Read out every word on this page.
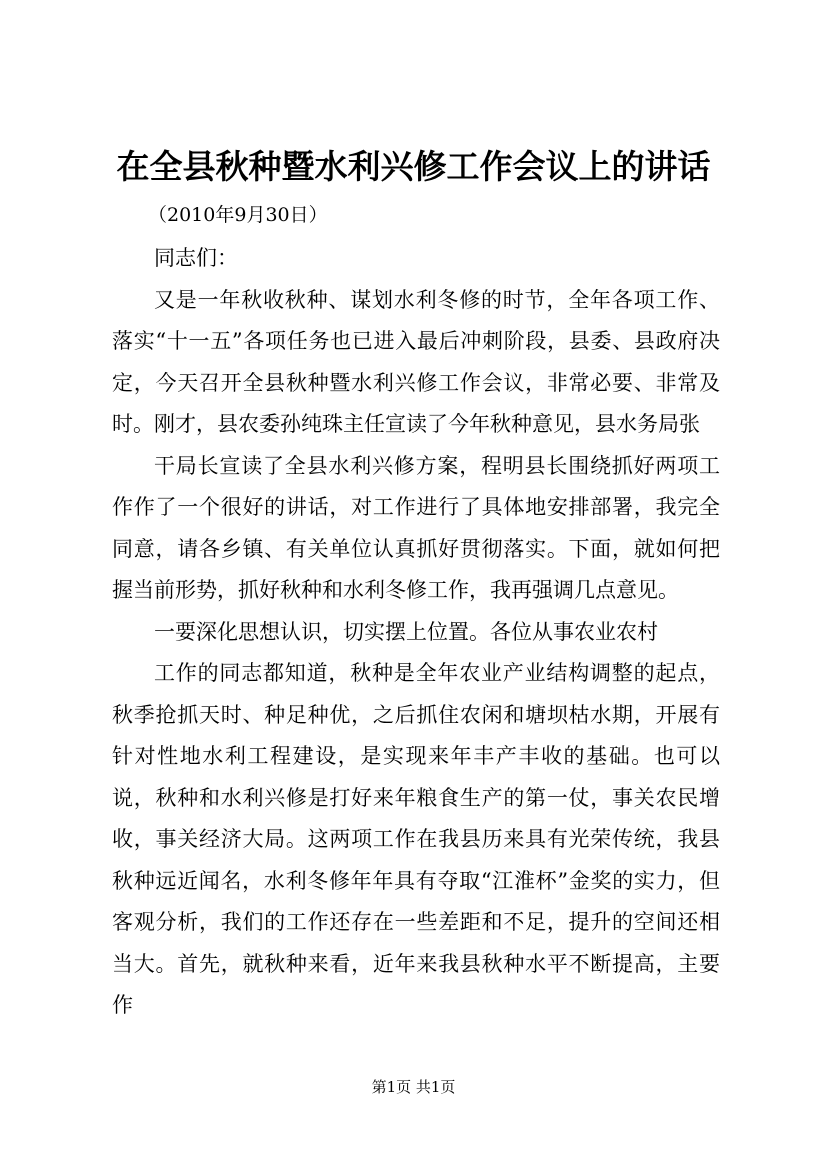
在全县秋种暨水利兴修工作会议上的讲话

（2010年9月30日）

同志们：

又是一年秋收秋种、谋划水利冬修的时节，全年各项工作、落实“十一五”各项任务也已进入最后冲刺阶段，县委、县政府决定，今天召开全县秋种暨水利兴修工作会议，非常必要、非常及时。刚才，县农委孙纯珠主任宣读了今年秋种意见，县水务局张

干局长宣读了全县水利兴修方案，程明县长围绕抓好两项工作作了一个很好的讲话，对工作进行了具体地安排部署，我完全同意，请各乡镇、有关单位认真抓好贯彻落实。下面，就如何把握当前形势，抓好秋种和水利冬修工作，我再强调几点意见。

一要深化思想认识，切实摆上位置。各位从事农业农村

工作的同志都知道，秋种是全年农业产业结构调整的起点，秋季抢抓天时、种足种优，之后抓住农闲和塘坝枯水期，开展有针对性地水利工程建设，是实现来年丰产丰收的基础。也可以说，秋种和水利兴修是打好来年粮食生产的第一仗，事关农民增收，事关经济大局。这两项工作在我县历来具有光荣传统，我县秋种远近闻名，水利冬修年年具有夺取“江淮杯”金奖的实力，但客观分析，我们的工作还存在一些差距和不足，提升的空间还相当大。首先，就秋种来看，近年来我县秋种水平不断提高，主要作

第1页 共1页
